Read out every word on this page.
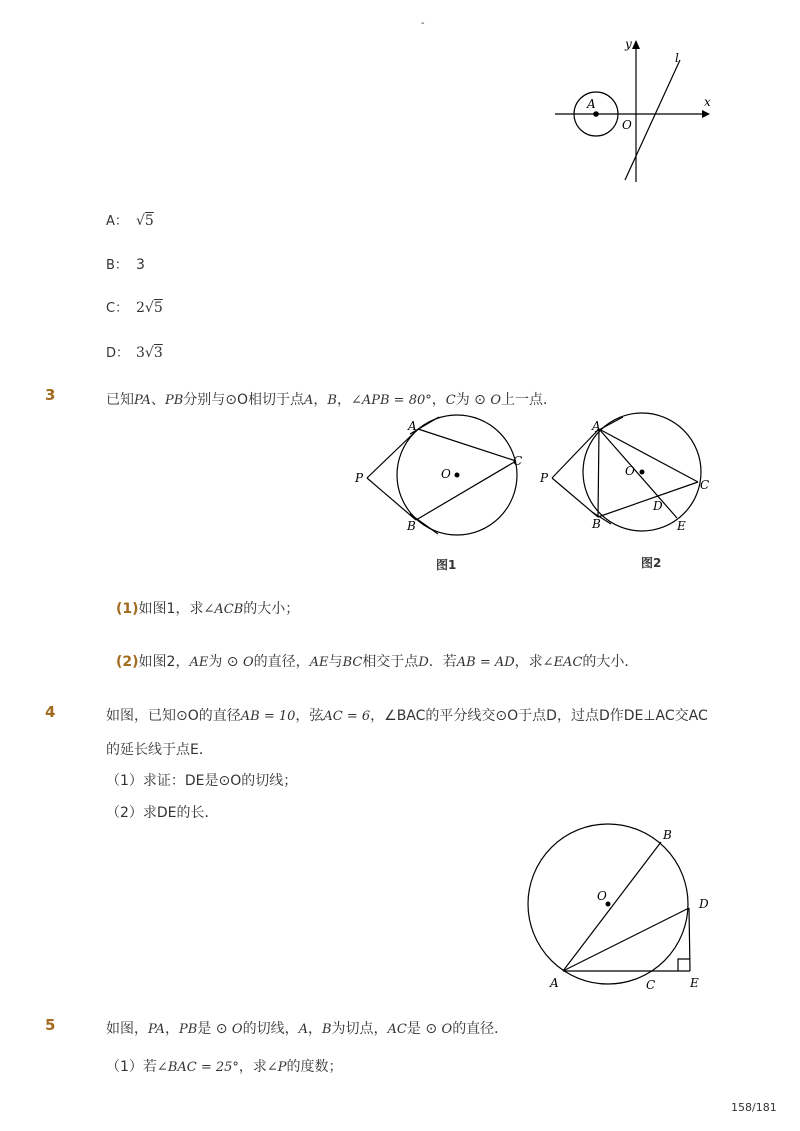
-
y
x
l
A
O
A： √5
B： 3
C： 2√5
D： 3√3
3	已知PA、PB分别与⊙O相切于点A，B，∠APB = 80°，C为 ⊙ O上一点．
P
A
B
C
O
图1
P
A
B
C
O
D
E
图2
(1)如图1，求∠ACB的大小；
(2)如图2，AE为 ⊙ O的直径，AE与BC相交于点D．若AB = AD，求∠EAC的大小．
4	如图，已知⊙O的直径AB = 10，弦AC = 6，∠BAC的平分线交⊙O于点D，过点D作DE⊥AC交AC
的延长线于点E．
（1）求证：DE是⊙O的切线；
（2）求DE的长．
A
B
C
D
E
O
5	如图，PA，PB是 ⊙ O的切线，A，B为切点，AC是 ⊙ O的直径．
（1）若∠BAC = 25°，求∠P的度数；
158/181
